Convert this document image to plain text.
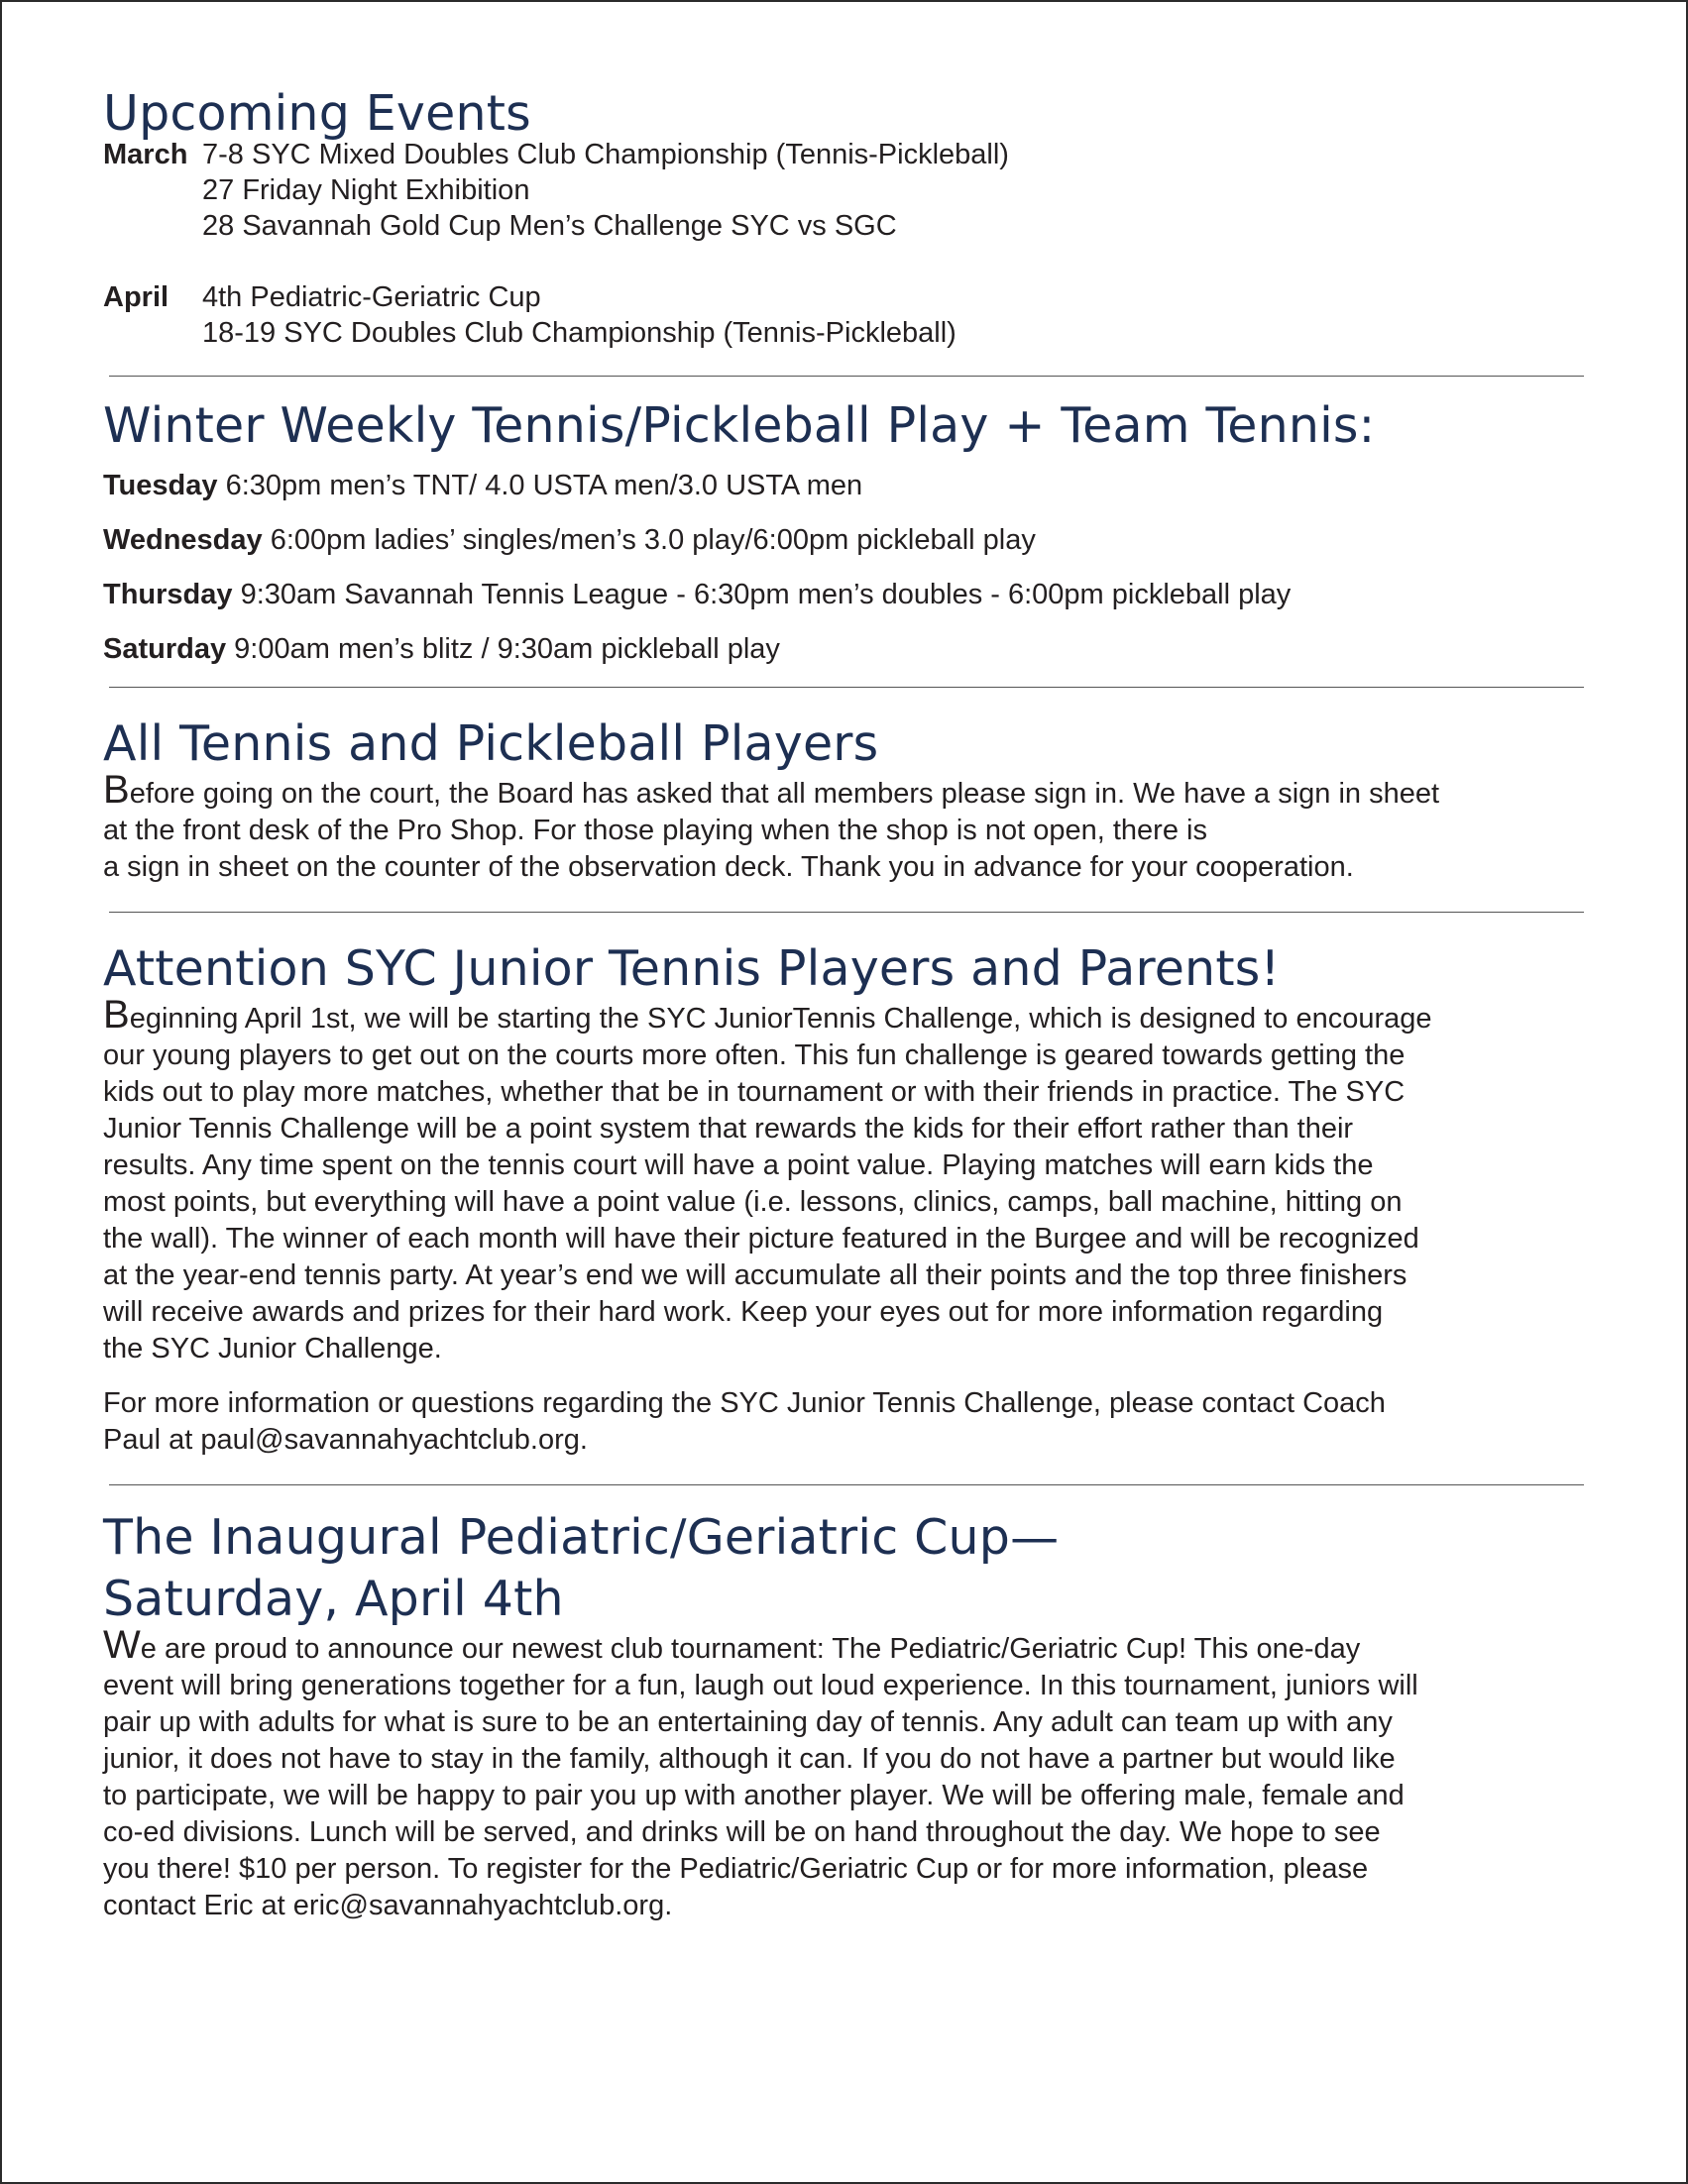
Upcoming Events
March 7-8 SYC Mixed Doubles Club Championship (Tennis-Pickleball)
27 Friday Night Exhibition
28 Savannah Gold Cup Men’s Challenge SYC vs SGC
April	4th Pediatric-Geriatric Cup
18-19 SYC Doubles Club Championship (Tennis-Pickleball)
Winter Weekly Tennis/Pickleball Play + Team Tennis:

Tuesday 6:30pm men’s TNT/ 4.0 USTA men/3.0 USTA men

Wednesday 6:00pm ladies’ singles/men’s 3.0 play/6:00pm pickleball play

Thursday 9:30am Savannah Tennis League - 6:30pm men’s doubles - 6:00pm pickleball play

Saturday 9:00am men’s blitz / 9:30am pickleball play

All Tennis and Pickleball Players

Before going on the court, the Board has asked that all members please sign in. We have a sign in sheet

at the front desk of the Pro Shop. For those playing when the shop is not open, there is

a sign in sheet on the counter of the observation deck. Thank you in advance for your cooperation.

Attention SYC Junior Tennis Players and Parents!

Beginning April 1st, we will be starting the SYC JuniorTennis Challenge, which is designed to encourage

our young players to get out on the courts more often. This fun challenge is geared towards getting the

kids out to play more matches, whether that be in tournament or with their friends in practice. The SYC

Junior Tennis Challenge will be a point system that rewards the kids for their effort rather than their

results. Any time spent on the tennis court will have a point value. Playing matches will earn kids the

most points, but everything will have a point value (i.e. lessons, clinics, camps, ball machine, hitting on

the wall). The winner of each month will have their picture featured in the Burgee and will be recognized

at the year-end tennis party. At year’s end we will accumulate all their points and the top three finishers

will receive awards and prizes for their hard work. Keep your eyes out for more information regarding

the SYC Junior Challenge.

For more information or questions regarding the SYC Junior Tennis Challenge, please contact Coach

Paul at paul@savannahyachtclub.org.

The Inaugural Pediatric/Geriatric Cup—
Saturday, April 4th

We are proud to announce our newest club tournament: The Pediatric/Geriatric Cup! This one-day

event will bring generations together for a fun, laugh out loud experience. In this tournament, juniors will

pair up with adults for what is sure to be an entertaining day of tennis. Any adult can team up with any

junior, it does not have to stay in the family, although it can. If you do not have a partner but would like

to participate, we will be happy to pair you up with another player. We will be offering male, female and

co-ed divisions. Lunch will be served, and drinks will be on hand throughout the day. We hope to see

you there! $10 per person. To register for the Pediatric/Geriatric Cup or for more information, please

contact Eric at eric@savannahyachtclub.org.
